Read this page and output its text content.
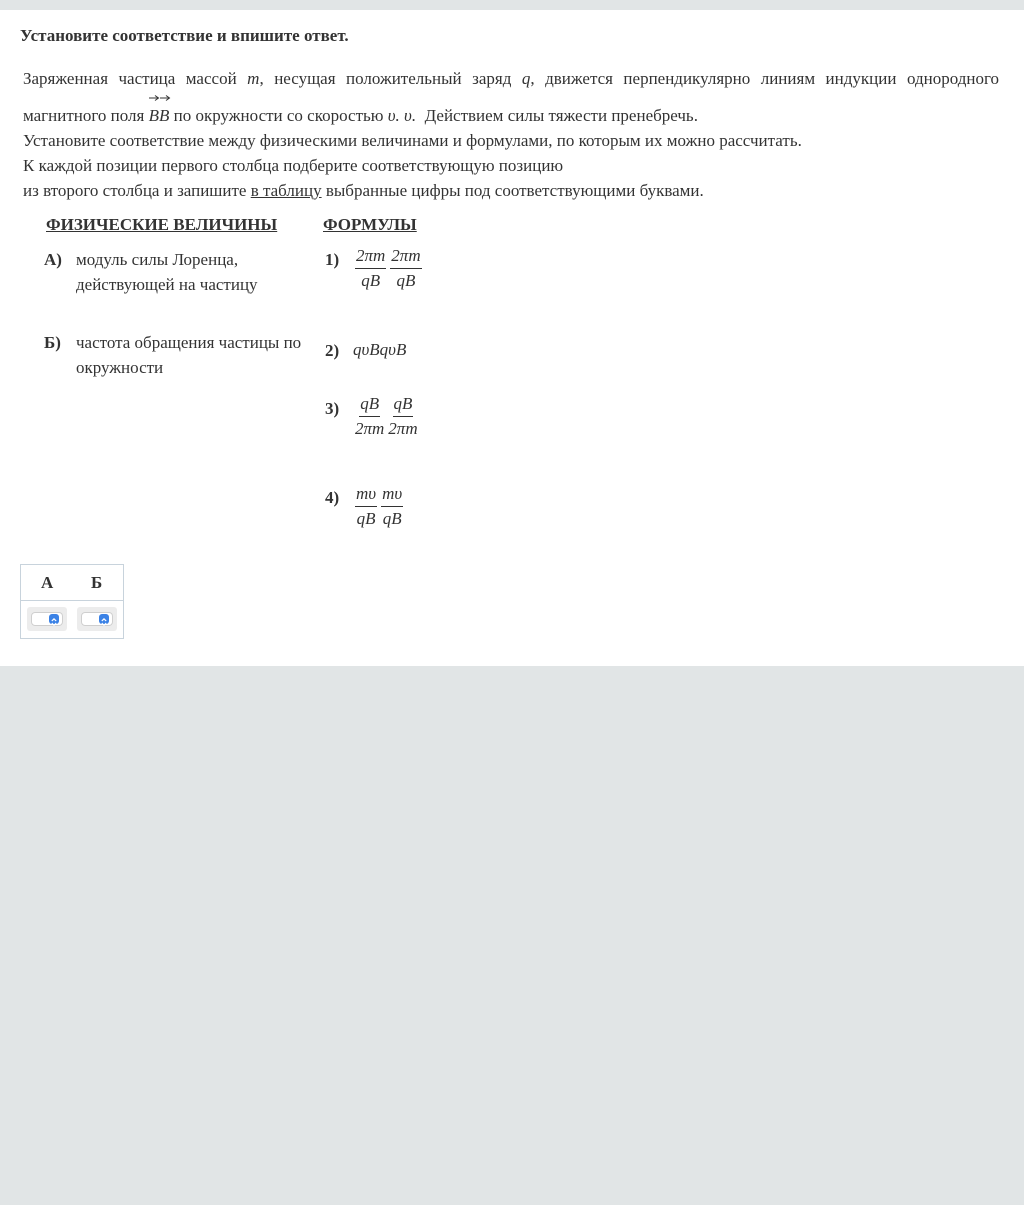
Установите соответствие и впишите ответ.
Заряженная частица массой m, несущая положительный заряд q, движется перпендикулярно линиям индукции однородного
магнитного поля BB по окружности со скоростью υ. υ. Действием силы тяжести пренебречь.
Установите соответствие между физическими величинами и формулами, по которым их можно рассчитать.
К каждой позиции первого столбца подберите соответствующую позицию
из второго столбца и запишите в таблицу выбранные цифры под соответствующими буквами.
ФИЗИЧЕСКИЕ ВЕЛИЧИНЫ	ФОРМУЛЫ
А) модуль силы Лоренца, действующей на частицу
Б) частота обращения частицы по окружности
$1) \frac{2\pi m}{qB} \frac{2\pi m}{qB}$
2) qυBqυB
$3) \frac{qB}{2\pi m} \frac{qB}{2\pi m}$
$4) \frac{m\upsilon}{qB} \frac{m\upsilon}{qB}$
А Б
